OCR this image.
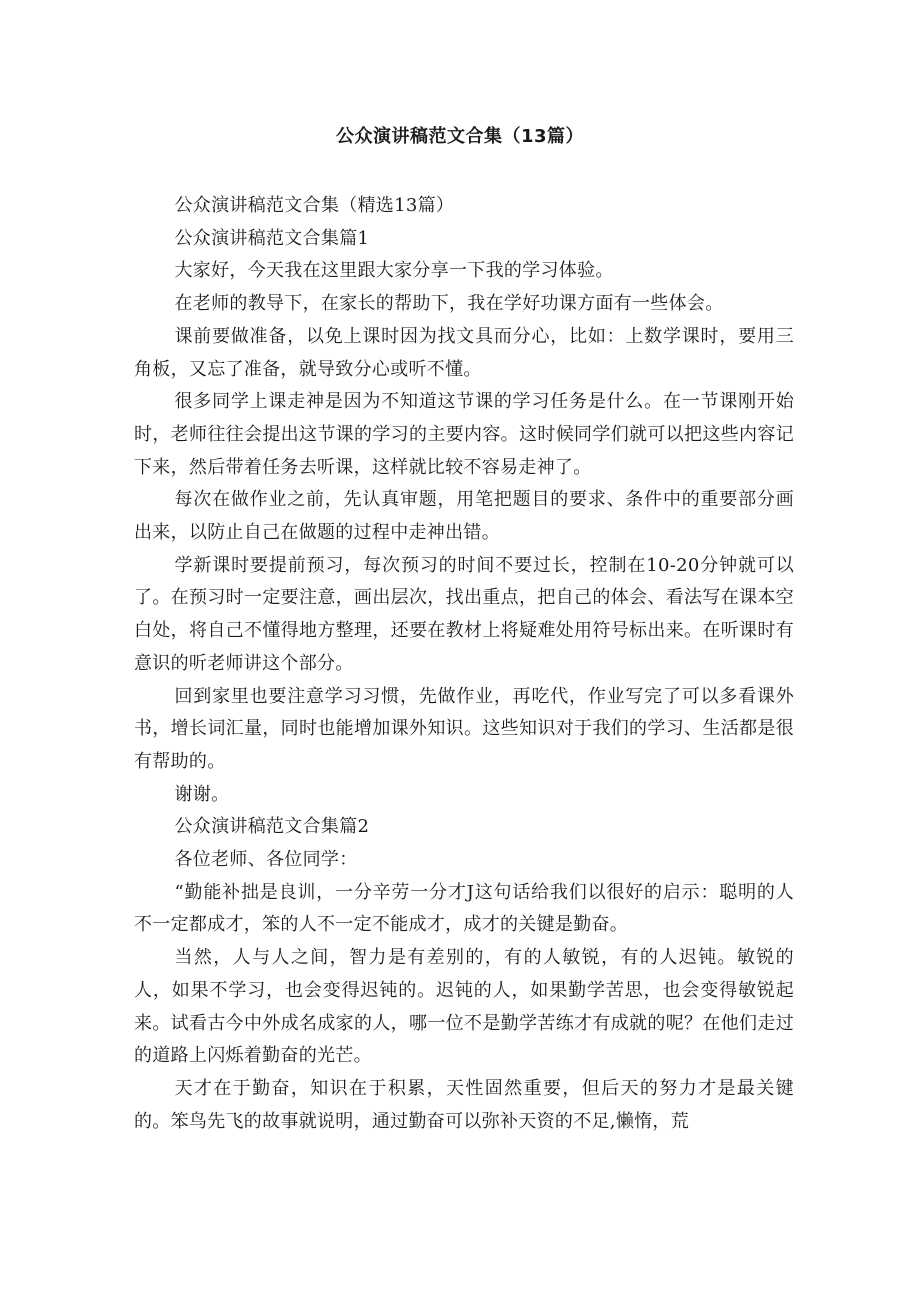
公众演讲稿范文合集（13篇）

公众演讲稿范文合集（精选13篇）

公众演讲稿范文合集篇1

大家好，今天我在这里跟大家分享一下我的学习体验。

在老师的教导下，在家长的帮助下，我在学好功课方面有一些体会。

课前要做准备，以免上课时因为找文具而分心，比如：上数学课时，要用三角板，又忘了准备，就导致分心或听不懂。

很多同学上课走神是因为不知道这节课的学习任务是什么。在一节课刚开始时，老师往往会提出这节课的学习的主要内容。这时候同学们就可以把这些内容记下来，然后带着任务去听课，这样就比较不容易走神了。

每次在做作业之前，先认真审题，用笔把题目的要求、条件中的重要部分画出来，以防止自己在做题的过程中走神出错。

学新课时要提前预习，每次预习的时间不要过长，控制在10-20分钟就可以了。在预习时一定要注意，画出层次，找出重点，把自己的体会、看法写在课本空白处，将自己不懂得地方整理，还要在教材上将疑难处用符号标出来。在听课时有意识的听老师讲这个部分。

回到家里也要注意学习习惯，先做作业，再吃代，作业写完了可以多看课外书，增长词汇量，同时也能增加课外知识。这些知识对于我们的学习、生活都是很有帮助的。

谢谢。

公众演讲稿范文合集篇2

各位老师、各位同学：

“勤能补拙是良训，一分辛劳一分才J这句话给我们以很好的启示：聪明的人不一定都成才，笨的人不一定不能成才，成才的关键是勤奋。

当然，人与人之间，智力是有差别的，有的人敏锐，有的人迟钝。敏锐的人，如果不学习，也会变得迟钝的。迟钝的人，如果勤学苦思，也会变得敏锐起来。试看古今中外成名成家的人，哪一位不是勤学苦练才有成就的呢？在他们走过的道路上闪烁着勤奋的光芒。

天才在于勤奋，知识在于积累，天性固然重要，但后天的努力才是最关键的。笨鸟先飞的故事就说明，通过勤奋可以弥补天资的不足,懒惰，荒
